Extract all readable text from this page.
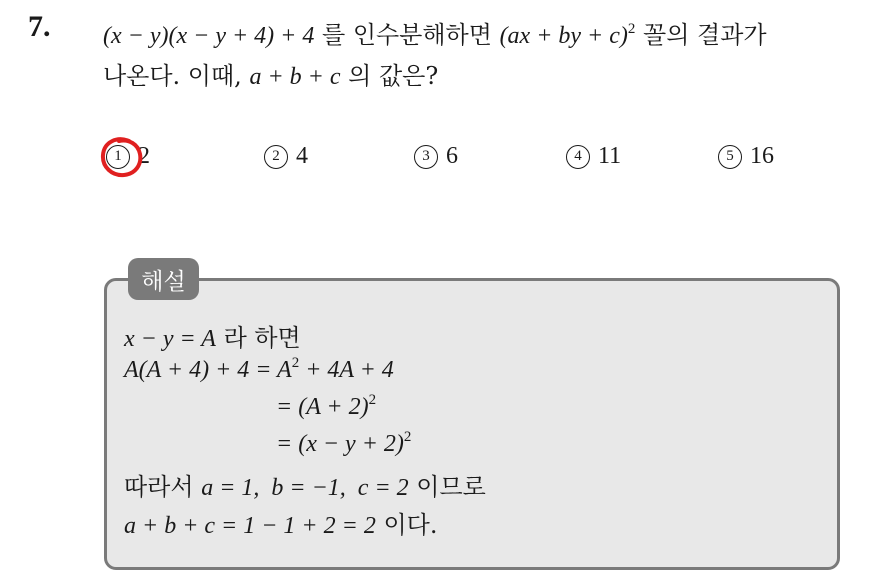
7. (x − y)(x − y + 4) + 4 를 인수분해하면 (ax + by + c)$^2$ 꼴의 결과가
나온다. 이때, a + b + c 의 값은?
1 2	2 4	3 6	4 11	5 16
해설
x − y = A 라 하면
$A(A + 4) + 4 = A^2 + 4A + 4$
= $(A + 2)^2$
= $(x - y + 2)^2$
따라서 a = 1,  b = −1,  c = 2 이므로
a + b + c = 1 − 1 + 2 = 2 이다.
